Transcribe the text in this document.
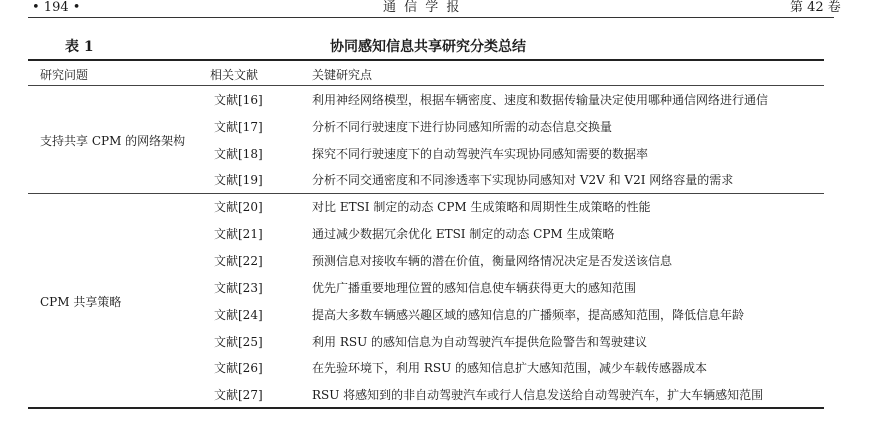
• 194 •	通 信 学 报	第 42 卷
表 1	协同感知信息共享研究分类总结
研究问题	相关文献	关键研究点
支持共享 CPM 的网络架构
文献[16]	利用神经网络模型，根据车辆密度、速度和数据传输量决定使用哪种通信网络进行通信
文献[17]	分析不同行驶速度下进行协同感知所需的动态信息交换量
文献[18]	探究不同行驶速度下的自动驾驶汽车实现协同感知需要的数据率
文献[19]	分析不同交通密度和不同渗透率下实现协同感知对 V2V 和 V2I 网络容量的需求
CPM 共享策略
文献[20]	对比 ETSI 制定的动态 CPM 生成策略和周期性生成策略的性能
文献[21]	通过减少数据冗余优化 ETSI 制定的动态 CPM 生成策略
文献[22]	预测信息对接收车辆的潜在价值，衡量网络情况决定是否发送该信息
文献[23]	优先广播重要地理位置的感知信息使车辆获得更大的感知范围
文献[24]	提高大多数车辆感兴趣区域的感知信息的广播频率，提高感知范围，降低信息年龄
文献[25]	利用 RSU 的感知信息为自动驾驶汽车提供危险警告和驾驶建议
文献[26]	在先验环境下，利用 RSU 的感知信息扩大感知范围，减少车载传感器成本
文献[27]	RSU 将感知到的非自动驾驶汽车或行人信息发送给自动驾驶汽车，扩大车辆感知范围
